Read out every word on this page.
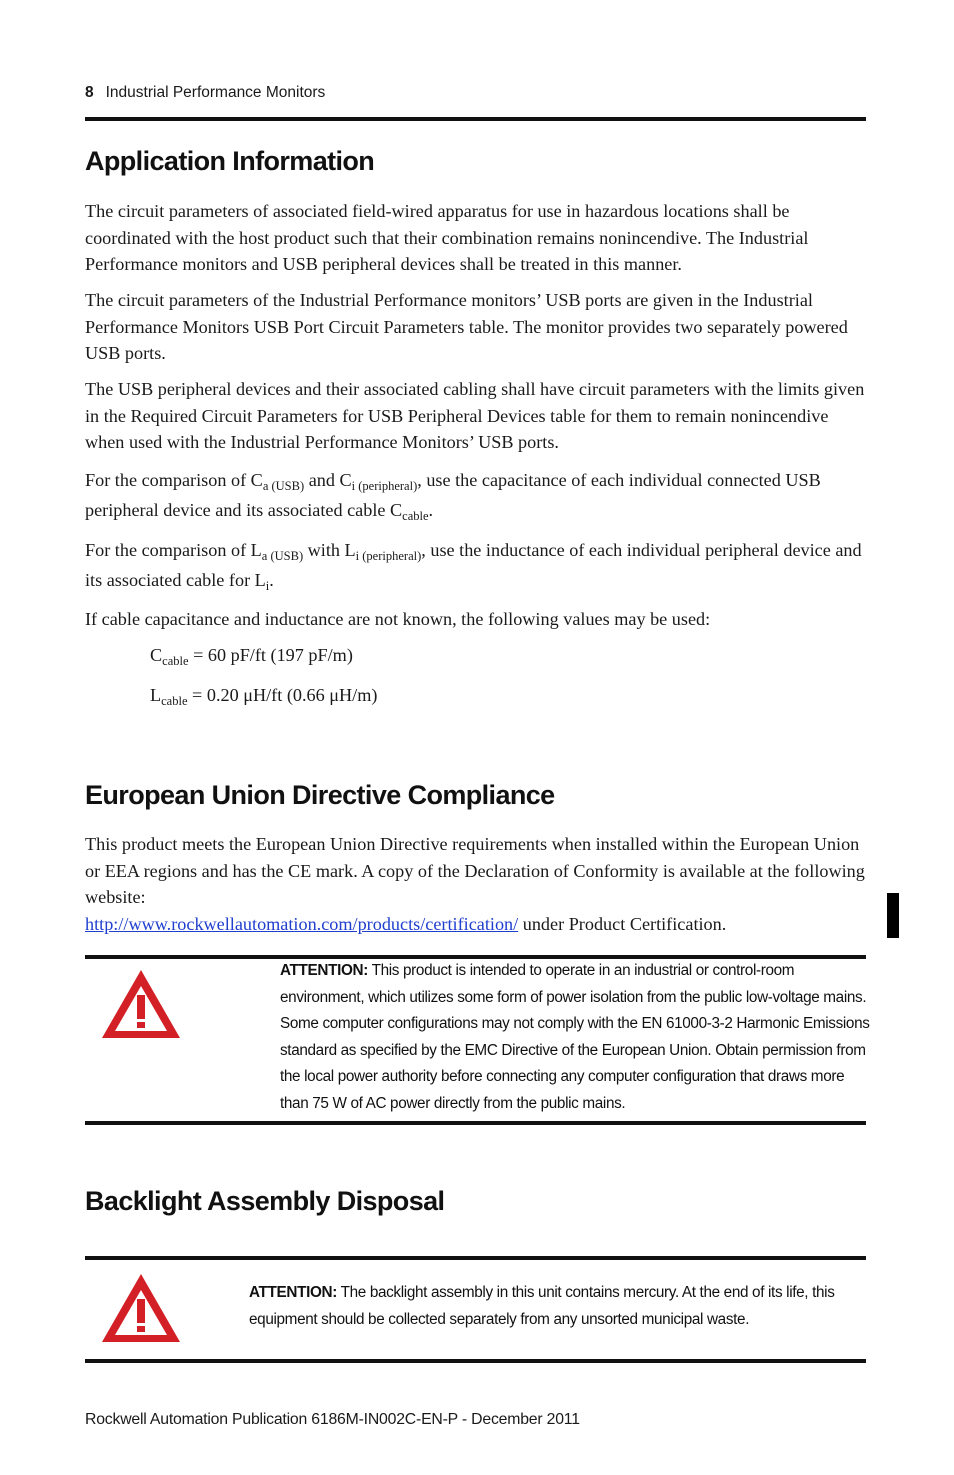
8 Industrial Performance Monitors
Application Information

The circuit parameters of associated field-wired apparatus for use in hazardous locations shall be coordinated with the host product such that their combination remains nonincendive. The Industrial Performance monitors and USB peripheral devices shall be treated in this manner.

The circuit parameters of the Industrial Performance monitors’ USB ports are given in the Industrial Performance Monitors USB Port Circuit Parameters table. The monitor provides two separately powered USB ports.

The USB peripheral devices and their associated cabling shall have circuit parameters with the limits given in the Required Circuit Parameters for USB Peripheral Devices table for them to remain nonincendive when used with the Industrial Performance Monitors’ USB ports.

For the comparison of $C_{a (USB)}$ and $C_{i (peripheral)}$, use the capacitance of each individual connected USB peripheral device and its associated cable $C_{cable}$.

For the comparison of $L_{a (USB)}$ with $L_{i (peripheral)}$, use the inductance of each individual peripheral device and its associated cable for $L_i$.

If cable capacitance and inductance are not known, the following values may be used:

$C_{cable} = 60$ pF/ft (197 pF/m)

$L_{cable} = 0.20$ μH/ft (0.66 μH/m)

European Union Directive Compliance

This product meets the European Union Directive requirements when installed within the European Union or EEA regions and has the CE mark. A copy of the Declaration of Conformity is available at the following website:
http://www.rockwellautomation.com/products/certification/ under Product Certification.

ATTENTION: This product is intended to operate in an industrial or control-room environment, which utilizes some form of power isolation from the public low-voltage mains. Some computer configurations may not comply with the EN 61000-3-2 Harmonic Emissions standard as specified by the EMC Directive of the European Union. Obtain permission from the local power authority before connecting any computer configuration that draws more than 75 W of AC power directly from the public mains.
Backlight Assembly Disposal
ATTENTION: The backlight assembly in this unit contains mercury. At the end of its life, this equipment should be collected separately from any unsorted municipal waste.
Rockwell Automation Publication 6186M-IN002C-EN-P - December 2011
